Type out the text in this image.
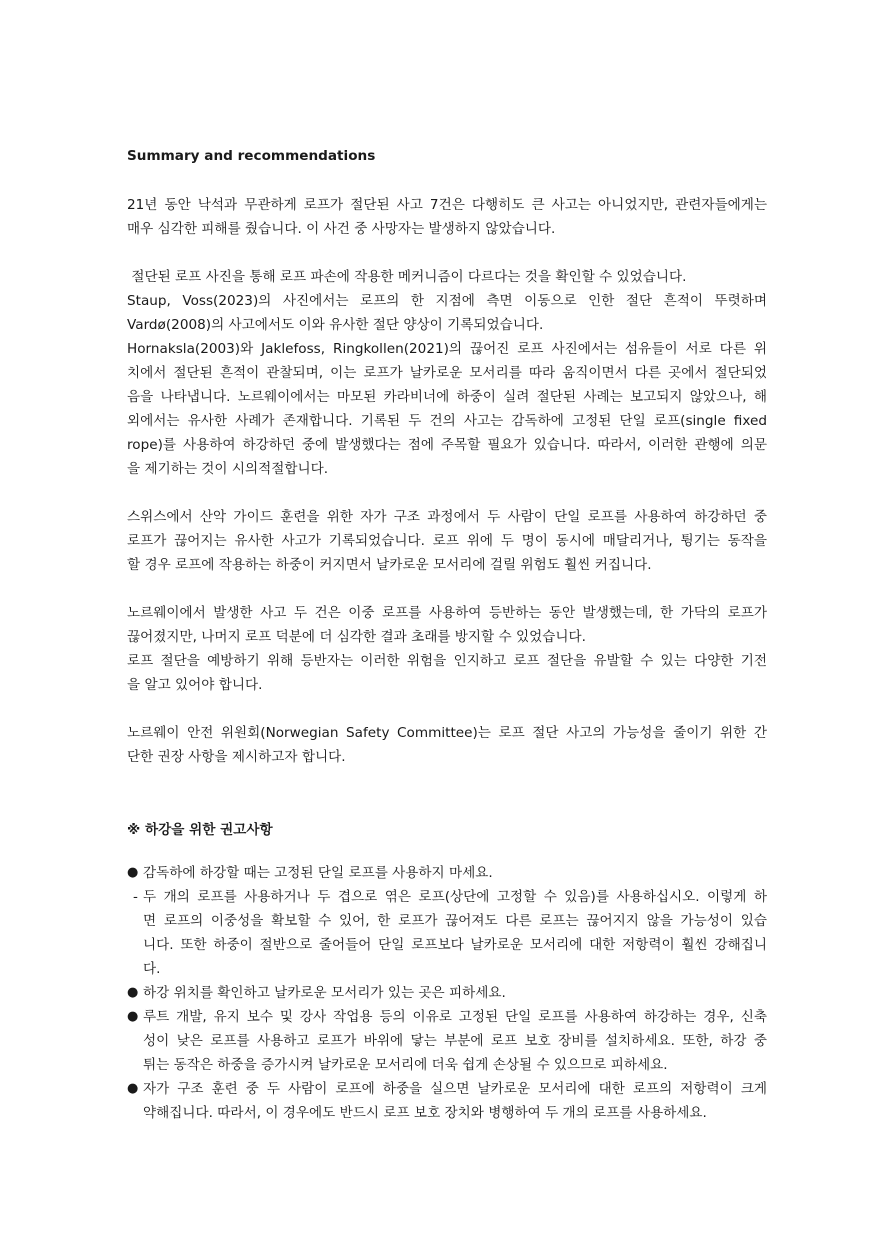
Summary and recommendations
21년 동안 낙석과 무관하게 로프가 절단된 사고 7건은 다행히도 큰 사고는 아니었지만, 관련자들에게는
매우 심각한 피해를 줬습니다. 이 사건 중 사망자는 발생하지 않았습니다.
절단된 로프 사진을 통해 로프 파손에 작용한 메커니즘이 다르다는 것을 확인할 수 있었습니다.
Staup, Voss(2023)의 사진에서는 로프의 한 지점에 측면 이동으로 인한 절단 흔적이 뚜렷하며
Vardø(2008)의 사고에서도 이와 유사한 절단 양상이 기록되었습니다.
Hornaksla(2003)와 Jaklefoss, Ringkollen(2021)의 끊어진 로프 사진에서는 섬유들이 서로 다른 위
치에서 절단된 흔적이 관찰되며, 이는 로프가 날카로운 모서리를 따라 움직이면서 다른 곳에서 절단되었
음을 나타냅니다. 노르웨이에서는 마모된 카라비너에 하중이 실려 절단된 사례는 보고되지 않았으나, 해
외에서는 유사한 사례가 존재합니다. 기록된 두 건의 사고는 감독하에 고정된 단일 로프(single fixed
rope)를 사용하여 하강하던 중에 발생했다는 점에 주목할 필요가 있습니다. 따라서, 이러한 관행에 의문
을 제기하는 것이 시의적절합니다.
스위스에서 산악 가이드 훈련을 위한 자가 구조 과정에서 두 사람이 단일 로프를 사용하여 하강하던 중
로프가 끊어지는 유사한 사고가 기록되었습니다. 로프 위에 두 명이 동시에 매달리거나, 튕기는 동작을
할 경우 로프에 작용하는 하중이 커지면서 날카로운 모서리에 걸릴 위험도 훨씬 커집니다.
노르웨이에서 발생한 사고 두 건은 이중 로프를 사용하여 등반하는 동안 발생했는데, 한 가닥의 로프가
끊어졌지만, 나머지 로프 덕분에 더 심각한 결과 초래를 방지할 수 있었습니다.
로프 절단을 예방하기 위해 등반자는 이러한 위험을 인지하고 로프 절단을 유발할 수 있는 다양한 기전
을 알고 있어야 합니다.
노르웨이 안전 위원회(Norwegian Safety Committee)는 로프 절단 사고의 가능성을 줄이기 위한 간
단한 권장 사항을 제시하고자 합니다.
※ 하강을 위한 권고사항
● 감독하에 하강할 때는 고정된 단일 로프를 사용하지 마세요.
- 두 개의 로프를 사용하거나 두 겹으로 엮은 로프(상단에 고정할 수 있음)를 사용하십시오. 이렇게 하
면 로프의 이중성을 확보할 수 있어, 한 로프가 끊어져도 다른 로프는 끊어지지 않을 가능성이 있습
니다. 또한 하중이 절반으로 줄어들어 단일 로프보다 날카로운 모서리에 대한 저항력이 훨씬 강해집니
다.
● 하강 위치를 확인하고 날카로운 모서리가 있는 곳은 피하세요.
● 루트 개발, 유지 보수 및 강사 작업용 등의 이유로 고정된 단일 로프를 사용하여 하강하는 경우, 신축
성이 낮은 로프를 사용하고 로프가 바위에 닿는 부분에 로프 보호 장비를 설치하세요. 또한, 하강 중
튀는 동작은 하중을 증가시켜 날카로운 모서리에 더욱 쉽게 손상될 수 있으므로 피하세요.
● 자가 구조 훈련 중 두 사람이 로프에 하중을 실으면 날카로운 모서리에 대한 로프의 저항력이 크게
약해집니다. 따라서, 이 경우에도 반드시 로프 보호 장치와 병행하여 두 개의 로프를 사용하세요.
